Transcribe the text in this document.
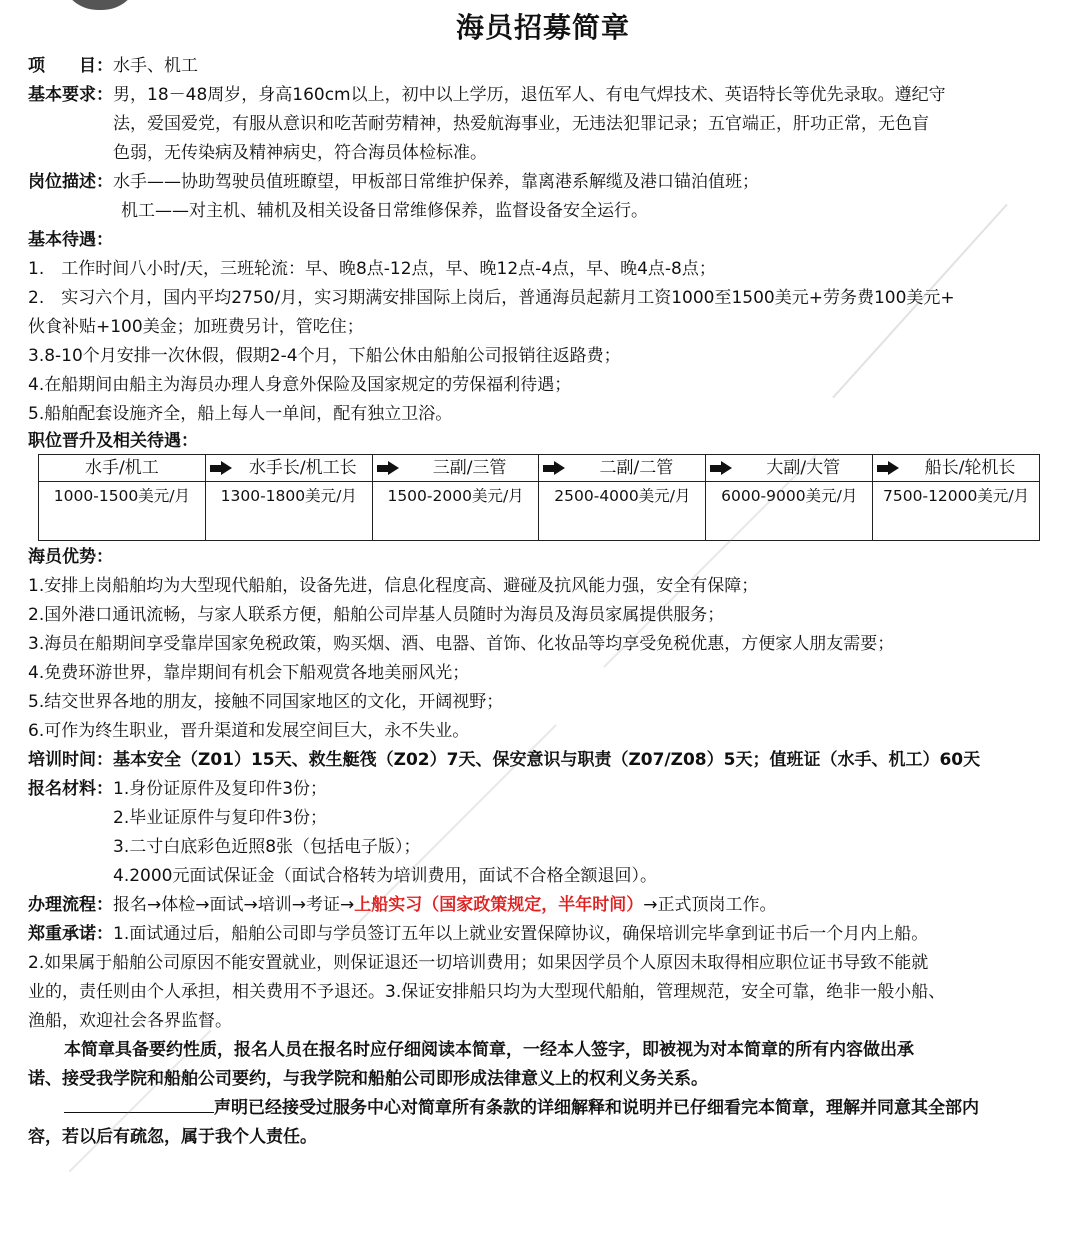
海员招募简章
项　　目： 水手、机工
基本要求： 男，18－48周岁，身高160cm以上，初中以上学历，退伍军人、有电气焊技术、英语特长等优先录取。遵纪守
法，爱国爱党，有服从意识和吃苦耐劳精神，热爱航海事业，无违法犯罪记录；五官端正，肝功正常，无色盲
色弱，无传染病及精神病史，符合海员体检标准。
岗位描述： 水手——协助驾驶员值班瞭望，甲板部日常维护保养，靠离港系解缆及港口锚泊值班；
机工——对主机、辅机及相关设备日常维修保养，监督设备安全运行。
基本待遇：
1.　工作时间八小时/天，三班轮流：早、晚8点-12点，早、晚12点-4点，早、晚4点-8点；
2.　实习六个月，国内平均2750/月，实习期满安排国际上岗后，普通海员起薪月工资1000至1500美元+劳务费100美元+
伙食补贴+100美金；加班费另计，管吃住；
3.8-10个月安排一次休假，假期2-4个月，下船公休由船舶公司报销往返路费；
4.在船期间由船主为海员办理人身意外保险及国家规定的劳保福利待遇；
5.船舶配套设施齐全，船上每人一单间，配有独立卫浴。
职位晋升及相关待遇：
水手/机工	水手长/机工长	三副/三管	二副/二管	大副/大管	船长/轮机长
1000-1500美元/月	1300-1800美元/月	1500-2000美元/月	2500-4000美元/月	6000-9000美元/月	7500-12000美元/月
海员优势：
1.安排上岗船舶均为大型现代船舶，设备先进，信息化程度高、避碰及抗风能力强，安全有保障；
2.国外港口通讯流畅，与家人联系方便，船舶公司岸基人员随时为海员及海员家属提供服务；
3.海员在船期间享受靠岸国家免税政策，购买烟、酒、电器、首饰、化妆品等均享受免税优惠，方便家人朋友需要；
4.免费环游世界，靠岸期间有机会下船观赏各地美丽风光；
5.结交世界各地的朋友，接触不同国家地区的文化，开阔视野；
6.可作为终生职业，晋升渠道和发展空间巨大，永不失业。
培训时间： 基本安全（Z01）15天、救生艇筏（Z02）7天、保安意识与职责（Z07/Z08）5天；值班证（水手、机工）60天
报名材料： 1.身份证原件及复印件3份；
2.毕业证原件与复印件3份；
3.二寸白底彩色近照8张（包括电子版）；
4.2000元面试保证金（面试合格转为培训费用，面试不合格全额退回）。
办理流程： 报名→体检→面试→培训→考证→上船实习（国家政策规定，半年时间）→正式顶岗工作。
郑重承诺： 1.面试通过后，船舶公司即与学员签订五年以上就业安置保障协议，确保培训完毕拿到证书后一个月内上船。
2.如果属于船舶公司原因不能安置就业，则保证退还一切培训费用；如果因学员个人原因未取得相应职位证书导致不能就
业的，责任则由个人承担，相关费用不予退还。3.保证安排船只均为大型现代船舶，管理规范，安全可靠，绝非一般小船、
渔船，欢迎社会各界监督。
本简章具备要约性质，报名人员在报名时应仔细阅读本简章，一经本人签字，即被视为对本简章的所有内容做出承
诺、接受我学院和船舶公司要约，与我学院和船舶公司即形成法律意义上的权利义务关系。
声明已经接受过服务中心对简章所有条款的详细解释和说明并已仔细看完本简章，理解并同意其全部内
容，若以后有疏忽，属于我个人责任。
